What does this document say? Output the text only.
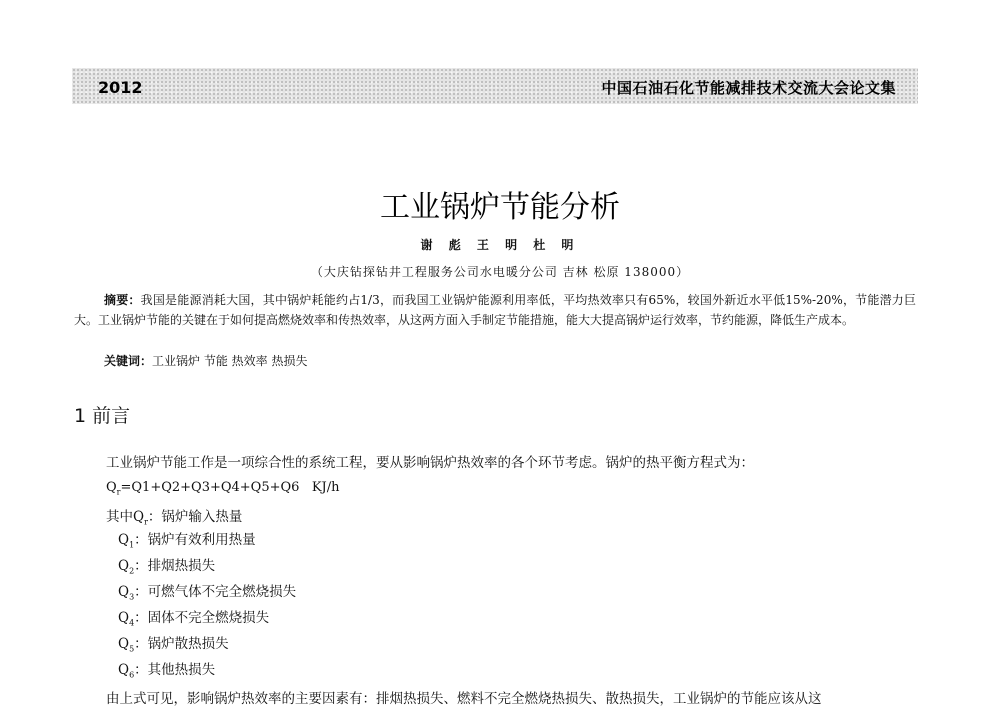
2012	中国石油石化节能减排技术交流大会论文集
工业锅炉节能分析
谢 彪 王 明 杜 明
（大庆钻探钻井工程服务公司水电暖分公司 吉林 松原 138000）
摘要：我国是能源消耗大国，其中锅炉耗能约占1/3，而我国工业锅炉能源利用率低，平均热效率只有65%，较国外新近水平低15%-20%，节能潜力巨大。工业锅炉节能的关键在于如何提高燃烧效率和传热效率，从这两方面入手制定节能措施，能大大提高锅炉运行效率，节约能源，降低生产成本。
关键词：工业锅炉 节能 热效率 热损失
1 前言
工业锅炉节能工作是一项综合性的系统工程，要从影响锅炉热效率的各个环节考虑。锅炉的热平衡方程式为：
$Q_r=Q1+Q2+Q3+Q4+Q5+Q6$ KJ/h
其中$Q_r$：锅炉输入热量
$Q_1$：锅炉有效利用热量
$Q_2$：排烟热损失
$Q_3$：可燃气体不完全燃烧损失
$Q_4$：固体不完全燃烧损失
$Q_5$：锅炉散热损失
$Q_6$：其他热损失
由上式可见，影响锅炉热效率的主要因素有：排烟热损失、燃料不完全燃烧热损失、散热损失，工业锅炉的节能应该从这
